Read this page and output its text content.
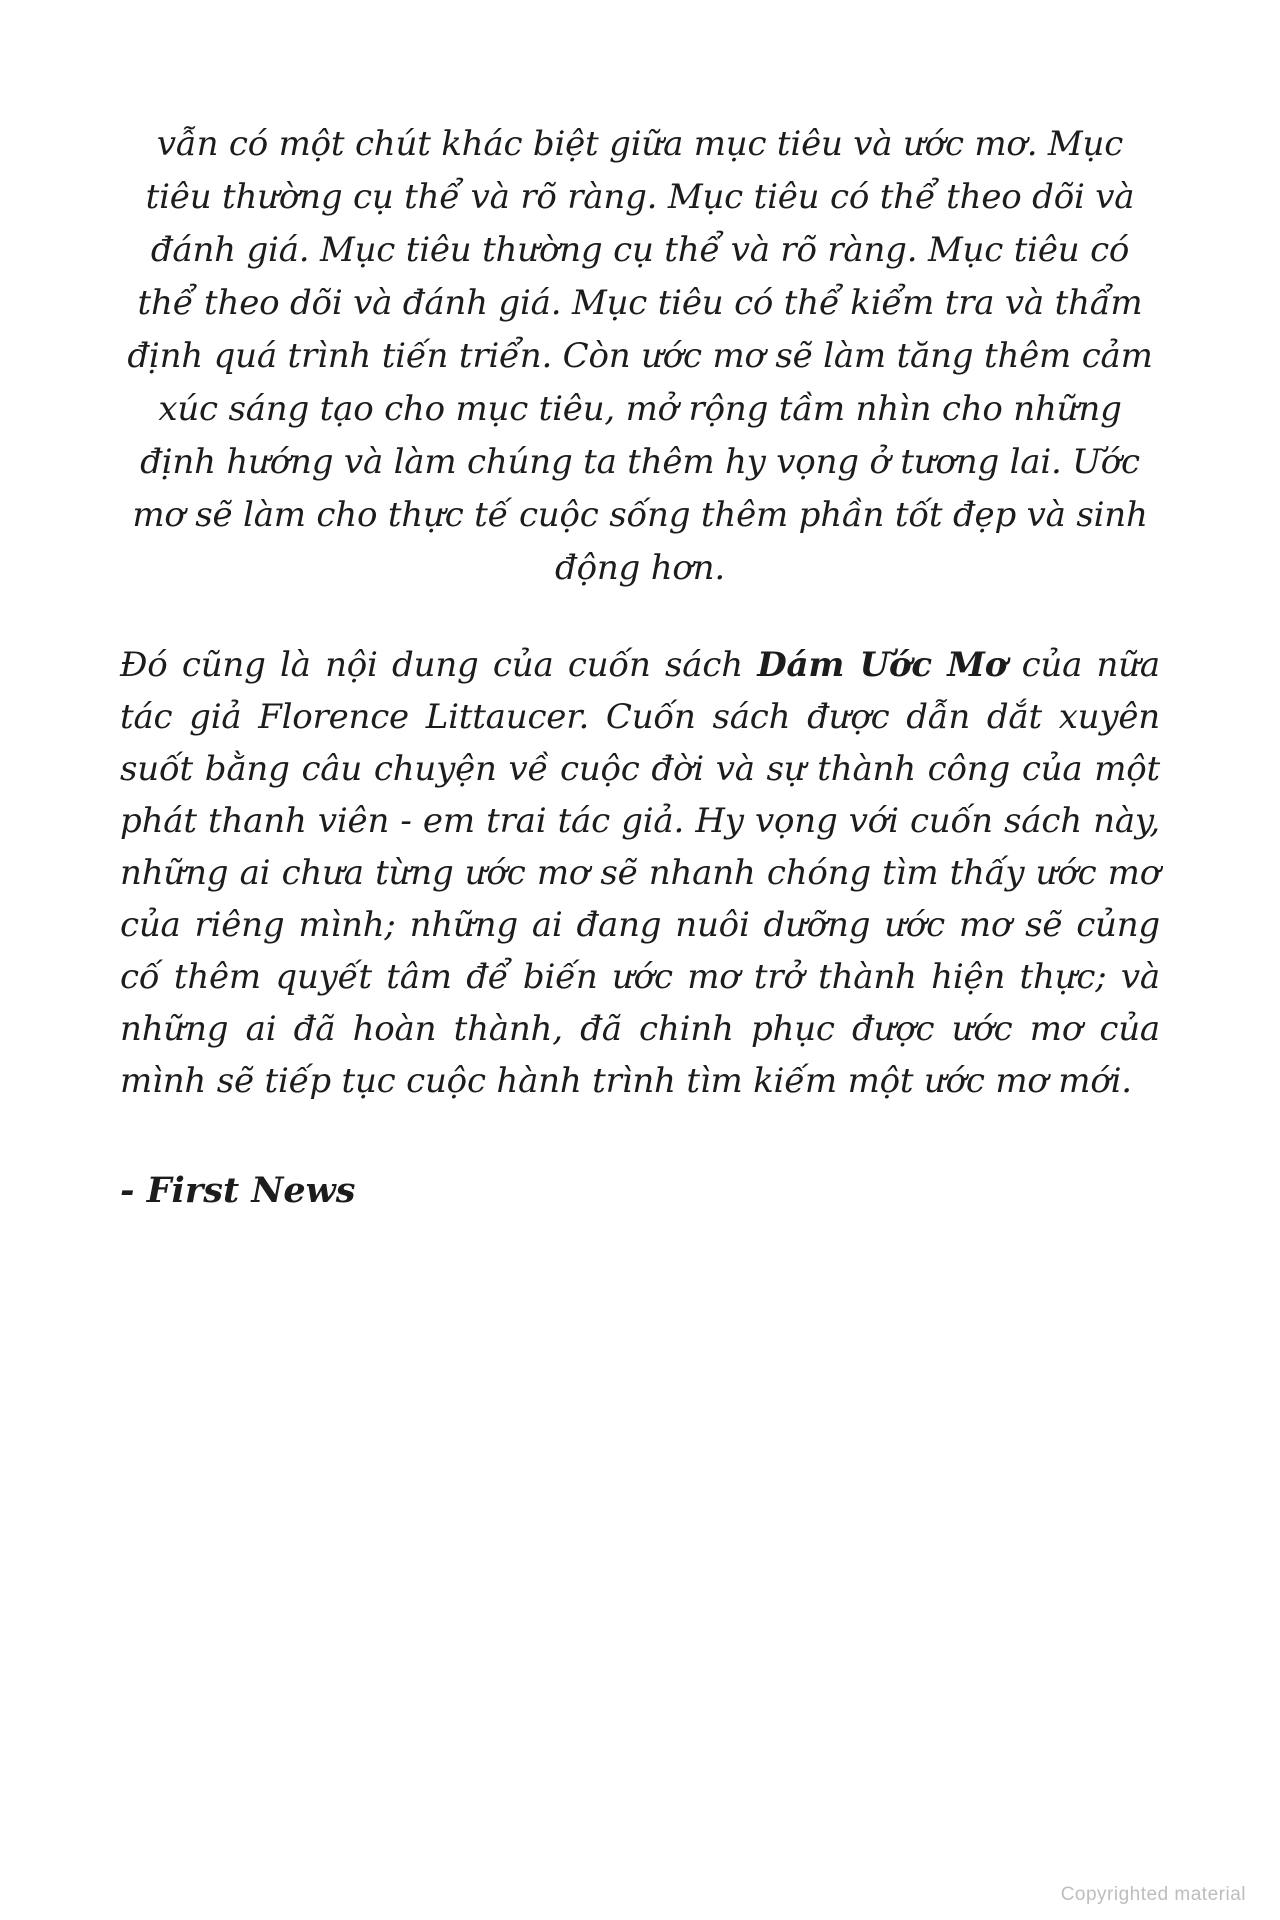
vẫn có một chút khác biệt giữa mục tiêu và ước mơ. Mục tiêu thường cụ thể và rõ ràng. Mục tiêu có thể theo dõi và đánh giá. Mục tiêu thường cụ thể và rõ ràng. Mục tiêu có thể theo dõi và đánh giá. Mục tiêu có thể kiểm tra và thẩm định quá trình tiến triển. Còn ước mơ sẽ làm tăng thêm cảm xúc sáng tạo cho mục tiêu, mở rộng tầm nhìn cho những định hướng và làm chúng ta thêm hy vọng ở tương lai. Ước mơ sẽ làm cho thực tế cuộc sống thêm phần tốt đẹp và sinh động hơn.

Đó cũng là nội dung của cuốn sách Dám Ước Mơ của nữa tác giả Florence Littaucer. Cuốn sách được dẫn dắt xuyên suốt bằng câu chuyện về cuộc đời và sự thành công của một phát thanh viên - em trai tác giả. Hy vọng với cuốn sách này, những ai chưa từng ước mơ sẽ nhanh chóng tìm thấy ước mơ của riêng mình; những ai đang nuôi dưỡng ước mơ sẽ củng cố thêm quyết tâm để biến ước mơ trở thành hiện thực; và những ai đã hoàn thành, đã chinh phục được ước mơ của mình sẽ tiếp tục cuộc hành trình tìm kiếm một ước mơ mới.

- First News

Copyrighted material
